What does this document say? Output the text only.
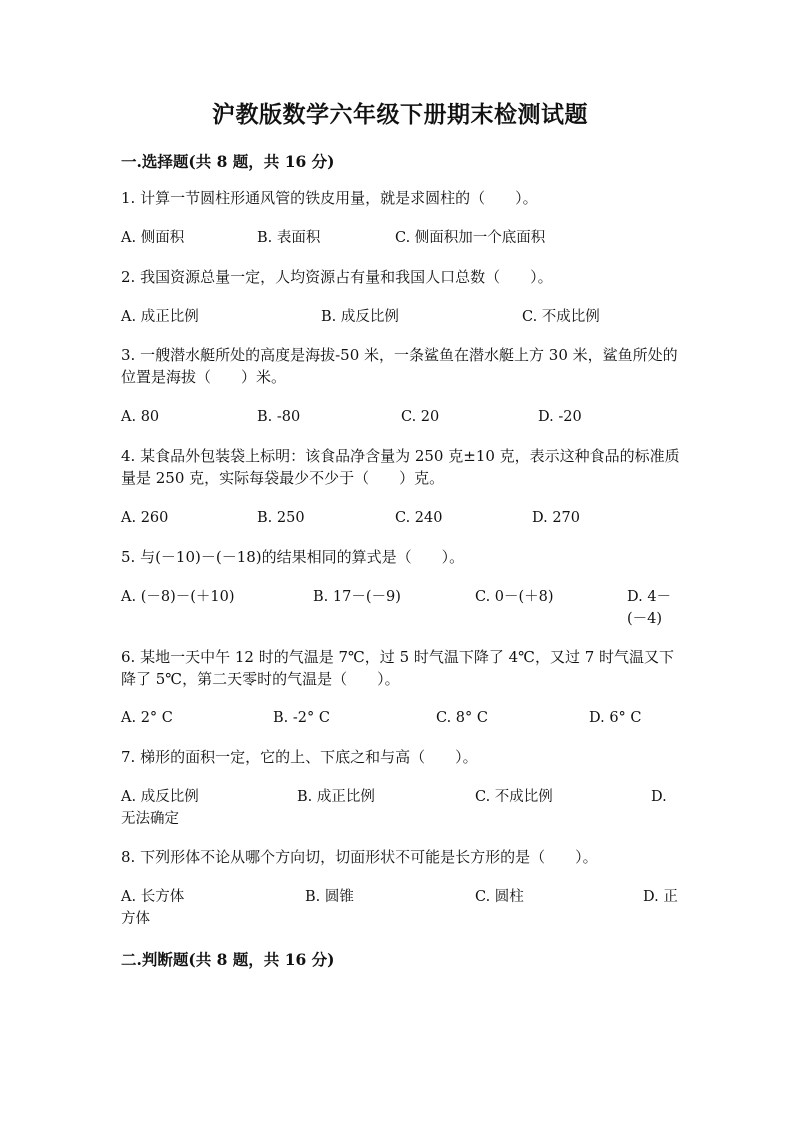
沪教版数学六年级下册期末检测试题
一.选择题(共 8 题，共 16 分)
1. 计算一节圆柱形通风管的铁皮用量，就是求圆柱的（　　）。
A. 侧面积	B. 表面积	C. 侧面积加一个底面积
2. 我国资源总量一定，人均资源占有量和我国人口总数（　　）。
A. 成正比例	B. 成反比例	C. 不成比例
3. 一艘潜水艇所处的高度是海拔-50 米，一条鲨鱼在潜水艇上方 30 米，鲨鱼所处的位置是海拔（　　）米。
A. 80	B. -80	C. 20	D. -20
4. 某食品外包装袋上标明：该食品净含量为 250 克±10 克，表示这种食品的标准质量是 250 克，实际每袋最少不少于（　　）克。
A. 260	B. 250	C. 240	D. 270
5. 与(－10)－(－18)的结果相同的算式是（　　）。
A. (－8)－(＋10)	B. 17－(－9)	C. 0－(＋8)	D. 4－(－4)
6. 某地一天中午 12 时的气温是 7℃，过 5 时气温下降了 4℃，又过 7 时气温又下降了 5℃，第二天零时的气温是（　　）。
A. 2° C	B. -2° C	C. 8° C	D. 6° C
7. 梯形的面积一定，它的上、下底之和与高（　　）。
A. 成反比例	B. 成正比例	C. 不成比例	D. 无法确定
8. 下列形体不论从哪个方向切，切面形状不可能是长方形的是（　　）。
A. 长方体	B. 圆锥	C. 圆柱	D. 正方体
二.判断题(共 8 题，共 16 分)
